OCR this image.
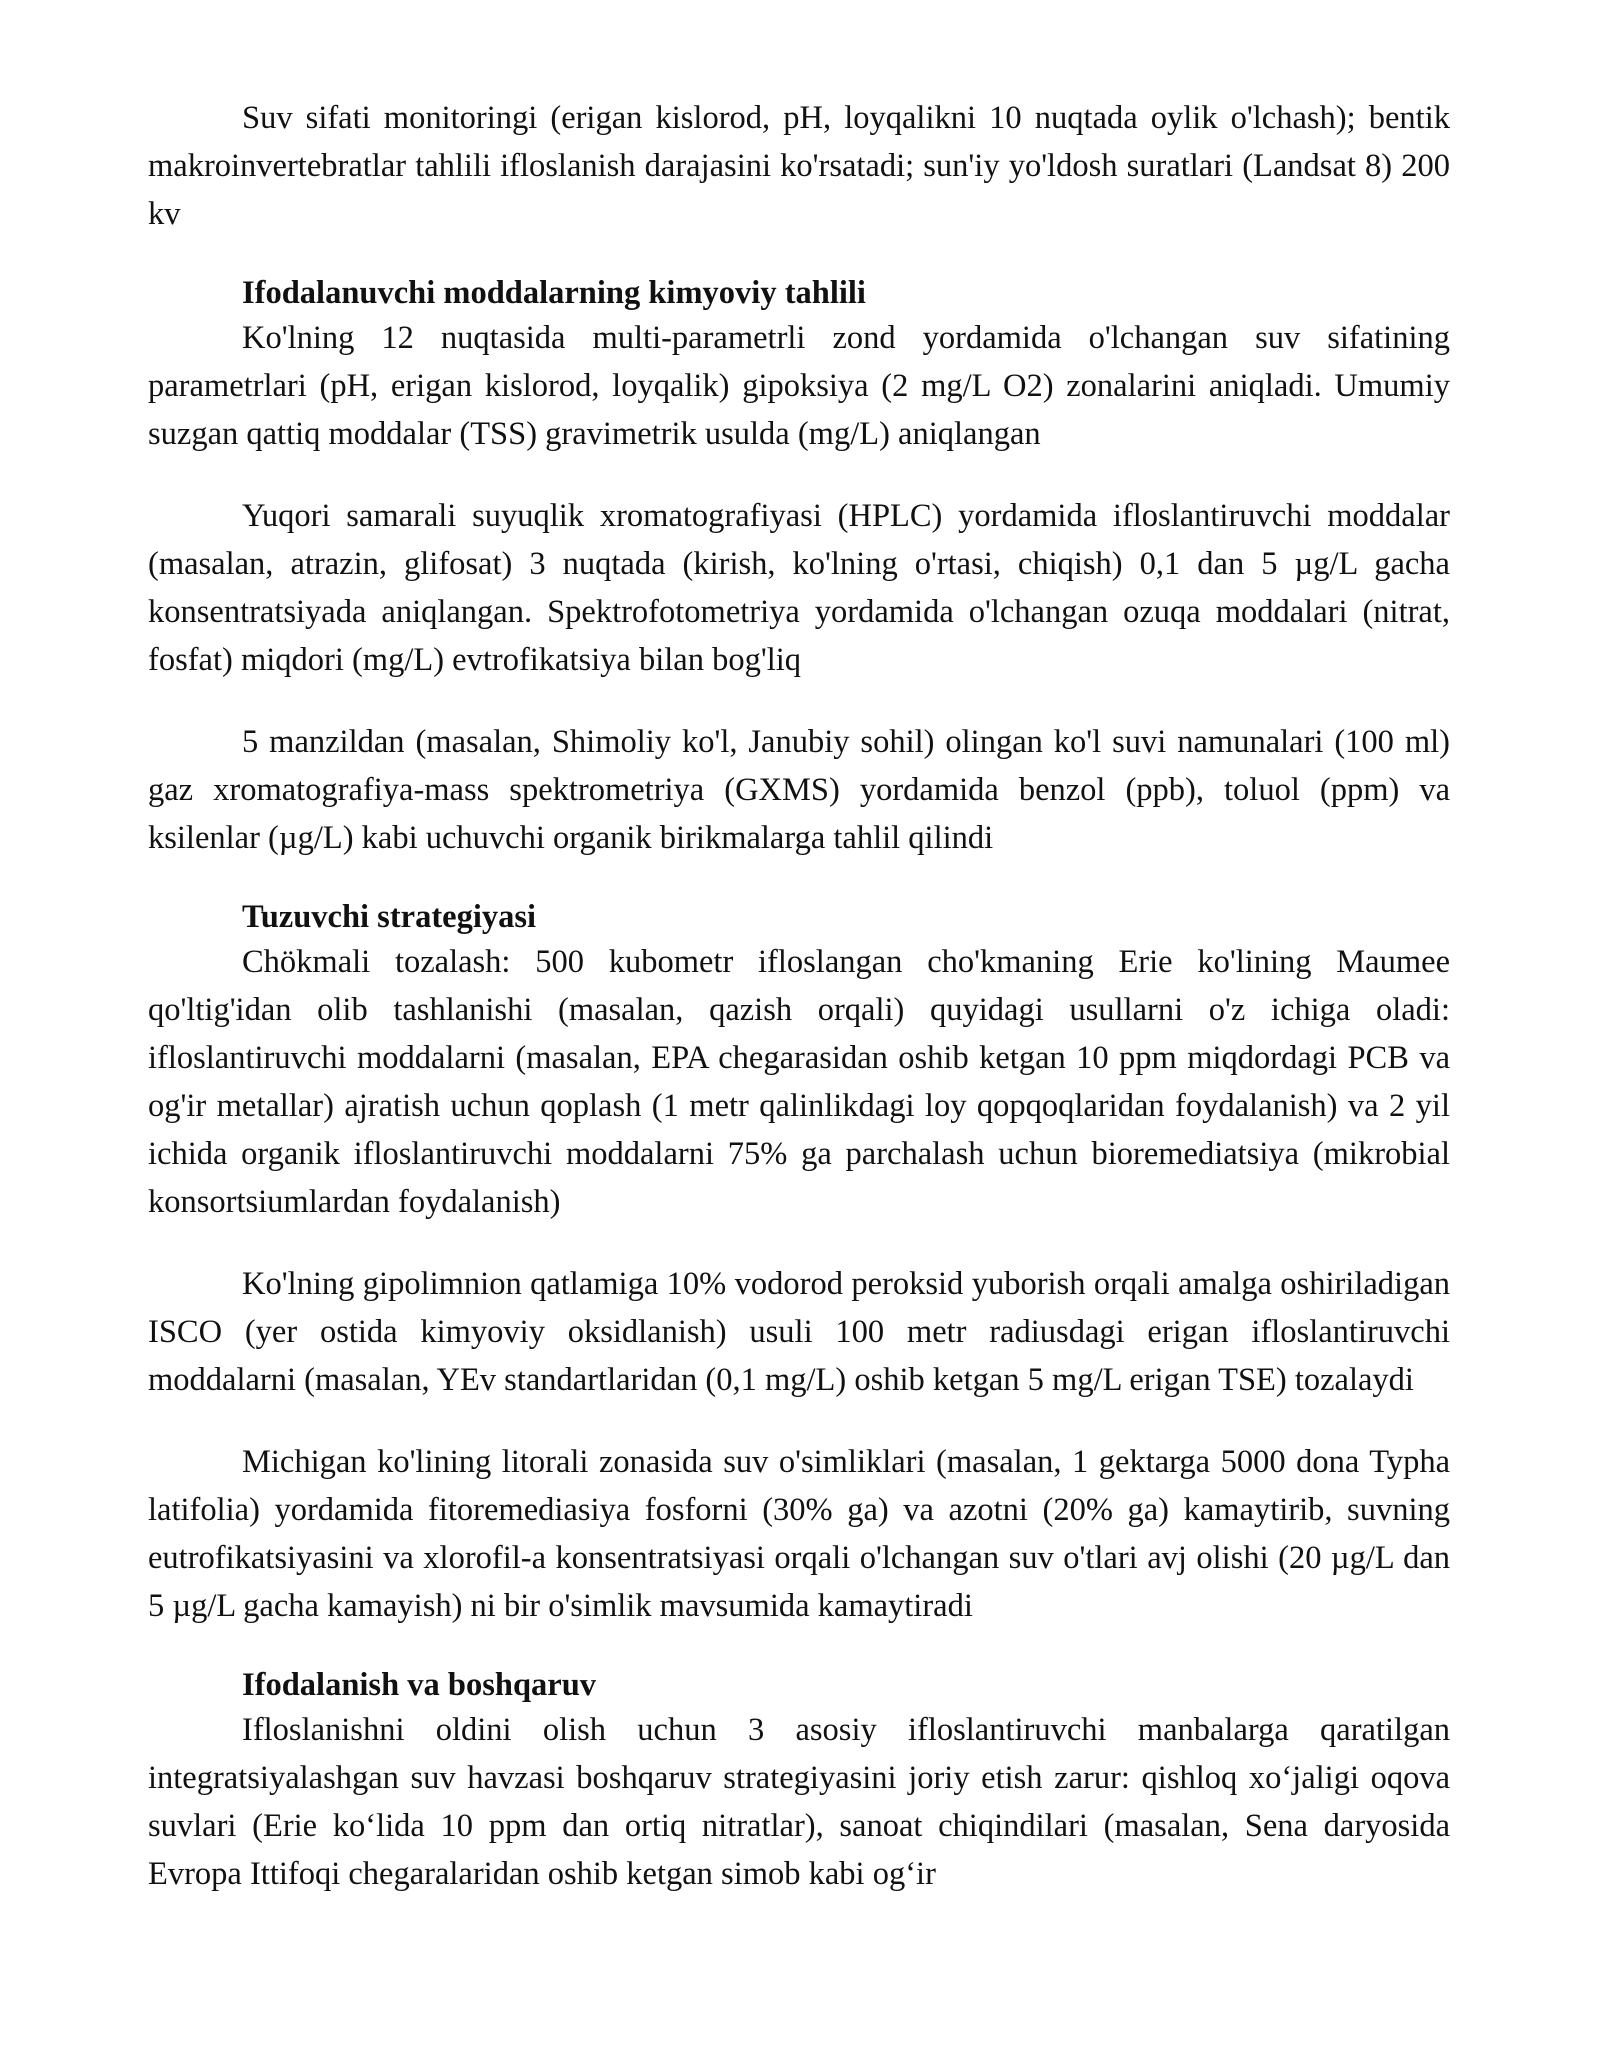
Suv sifati monitoringi (erigan kislorod, pH, loyqalikni 10 nuqtada oylik o'lchash); bentik makroinvertebratlar tahlili ifloslanish darajasini ko'rsatadi; sun'iy yo'ldosh suratlari (Landsat 8) 200 kv

Ifodalanuvchi moddalarning kimyoviy tahlili

Ko'lning 12 nuqtasida multi-parametrli zond yordamida o'lchangan suv sifatining parametrlari (pH, erigan kislorod, loyqalik) gipoksiya (2 mg/L O2) zonalarini aniqladi. Umumiy suzgan qattiq moddalar (TSS) gravimetrik usulda (mg/L) aniqlangan

Yuqori samarali suyuqlik xromatografiyasi (HPLC) yordamida ifloslantiruvchi moddalar (masalan, atrazin, glifosat) 3 nuqtada (kirish, ko'lning o'rtasi, chiqish) 0,1 dan 5 µg/L gacha konsentratsiyada aniqlangan. Spektrofotometriya yordamida o'lchangan ozuqa moddalari (nitrat, fosfat) miqdori (mg/L) evtrofikatsiya bilan bog'liq

5 manzildan (masalan, Shimoliy ko'l, Janubiy sohil) olingan ko'l suvi namunalari (100 ml) gaz xromatografiya-mass spektrometriya (GXMS) yordamida benzol (ppb), toluol (ppm) va ksilenlar (µg/L) kabi uchuvchi organik birikmalarga tahlil qilindi

Tuzuvchi strategiyasi

Chökmali tozalash: 500 kubometr ifloslangan cho'kmaning Erie ko'lining Maumee qo'ltig'idan olib tashlanishi (masalan, qazish orqali) quyidagi usullarni o'z ichiga oladi: ifloslantiruvchi moddalarni (masalan, EPA chegarasidan oshib ketgan 10 ppm miqdordagi PCB va og'ir metallar) ajratish uchun qoplash (1 metr qalinlikdagi loy qopqoqlaridan foydalanish) va 2 yil ichida organik ifloslantiruvchi moddalarni 75% ga parchalash uchun bioremediatsiya (mikrobial konsortsiumlardan foydalanish)

Ko'lning gipolimnion qatlamiga 10% vodorod peroksid yuborish orqali amalga oshiriladigan ISCO (yer ostida kimyoviy oksidlanish) usuli 100 metr radiusdagi erigan ifloslantiruvchi moddalarni (masalan, YEv standartlaridan (0,1 mg/L) oshib ketgan 5 mg/L erigan TSE) tozalaydi

Michigan ko'lining litorali zonasida suv o'simliklari (masalan, 1 gektarga 5000 dona Typha latifolia) yordamida fitoremediasiya fosforni (30% ga) va azotni (20% ga) kamaytirib, suvning eutrofikatsiyasini va xlorofil-a konsentratsiyasi orqali o'lchangan suv o'tlari avj olishi (20 µg/L dan 5 µg/L gacha kamayish) ni bir o'simlik mavsumida kamaytiradi

Ifodalanish va boshqaruv

Ifloslanishni oldini olish uchun 3 asosiy ifloslantiruvchi manbalarga qaratilgan integratsiyalashgan suv havzasi boshqaruv strategiyasini joriy etish zarur: qishloq xo‘jaligi oqova suvlari (Erie ko‘lida 10 ppm dan ortiq nitratlar), sanoat chiqindilari (masalan, Sena daryosida Evropa Ittifoqi chegaralaridan oshib ketgan simob kabi og‘ir
